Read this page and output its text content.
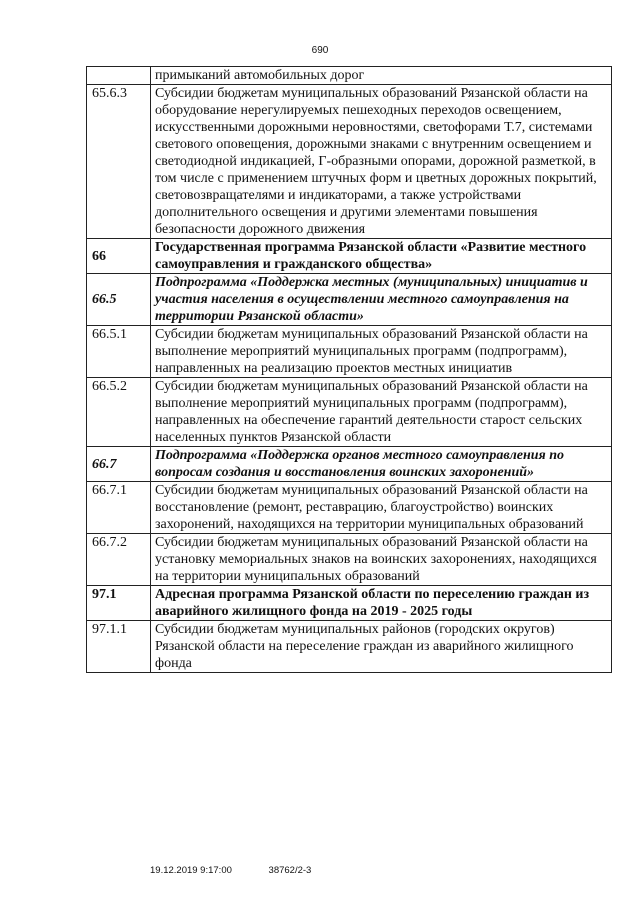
690
	примыканий автомобильных дорог
65.6.3	Субсидии бюджетам муниципальных образований Рязанской области на оборудование нерегулируемых пешеходных переходов освещением, искусственными дорожными неровностями, светофорами Т.7, системами светового оповещения, дорожными знаками с внутренним освещением и светодиодной индикацией, Г-образными опорами, дорожной разметкой, в том числе с применением штучных форм и цветных дорожных покрытий, световозвращателями и индикаторами, а также устройствами дополнительного освещения и другими элементами повышения безопасности дорожного движения
66	Государственная программа Рязанской области «Развитие местного самоуправления и гражданского общества»
66.5	Подпрограмма «Поддержка местных (муниципальных) инициатив и участия населения в осуществлении местного самоуправления на территории Рязанской области»
66.5.1	Субсидии бюджетам муниципальных образований Рязанской области на выполнение мероприятий муниципальных программ (подпрограмм), направленных на реализацию проектов местных инициатив
66.5.2	Субсидии бюджетам муниципальных образований Рязанской области на выполнение мероприятий муниципальных программ (подпрограмм), направленных на обеспечение гарантий деятельности старост сельских населенных пунктов Рязанской области
66.7	Подпрограмма «Поддержка органов местного самоуправления по вопросам создания и восстановления воинских захоронений»
66.7.1	Субсидии бюджетам муниципальных образований Рязанской области на восстановление (ремонт, реставрацию, благоустройство) воинских захоронений, находящихся на территории муниципальных образований
66.7.2	Субсидии бюджетам муниципальных образований Рязанской области на установку мемориальных знаков на воинских захоронениях, находящихся на территории муниципальных образований
97.1	Адресная программа Рязанской области по переселению граждан из аварийного жилищного фонда на 2019 - 2025 годы
97.1.1	Субсидии бюджетам муниципальных районов (городских округов) Рязанской области на переселение граждан из аварийного жилищного фонда
19.12.2019 9:17:00	38762/2-3
